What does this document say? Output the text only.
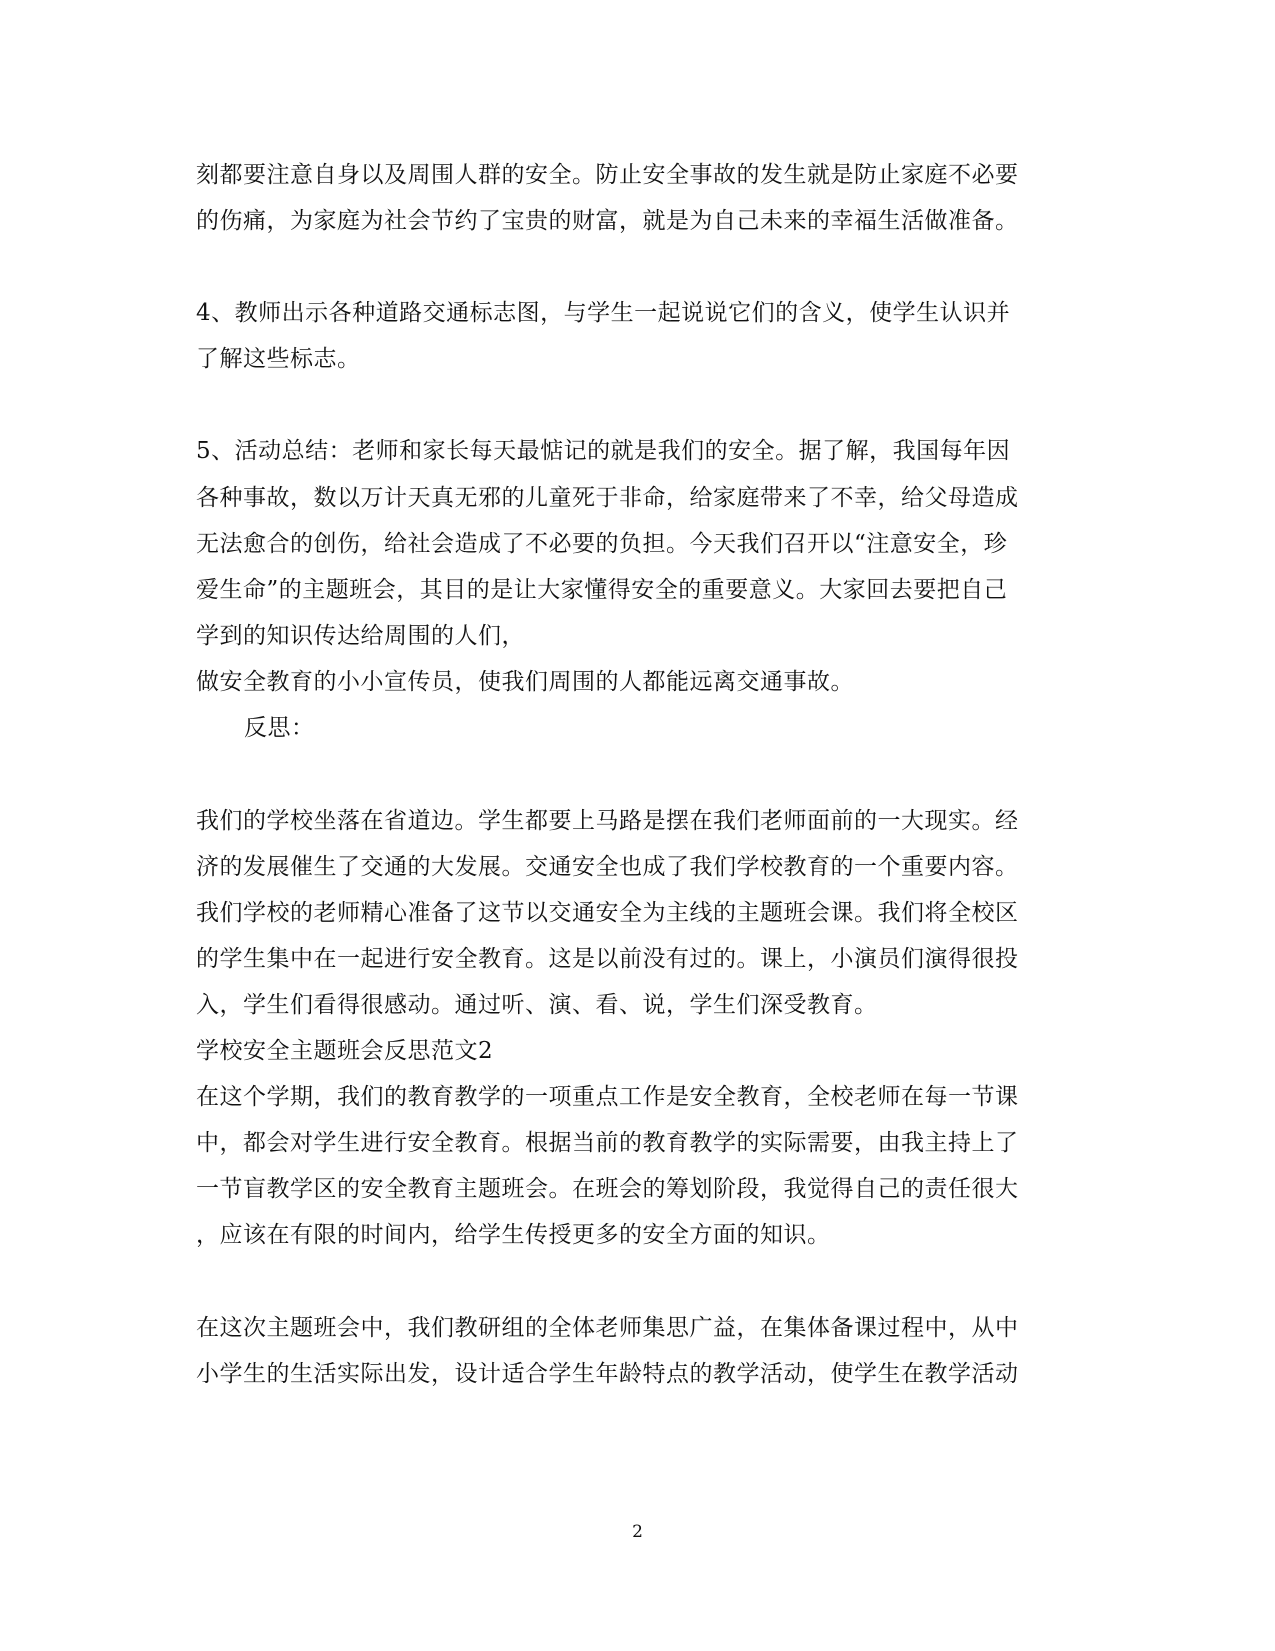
刻都要注意自身以及周围人群的安全。防止安全事故的发生就是防止家庭不必要
的伤痛，为家庭为社会节约了宝贵的财富，就是为自己未来的幸福生活做准备。
4、教师出示各种道路交通标志图，与学生一起说说它们的含义，使学生认识并
了解这些标志。
5、活动总结：老师和家长每天最惦记的就是我们的安全。据了解，我国每年因
各种事故，数以万计天真无邪的儿童死于非命，给家庭带来了不幸，给父母造成
无法愈合的创伤，给社会造成了不必要的负担。今天我们召开以“注意安全，珍
爱生命”的主题班会，其目的是让大家懂得安全的重要意义。大家回去要把自己
学到的知识传达给周围的人们，
做安全教育的小小宣传员，使我们周围的人都能远离交通事故。
反思：
我们的学校坐落在省道边。学生都要上马路是摆在我们老师面前的一大现实。经
济的发展催生了交通的大发展。交通安全也成了我们学校教育的一个重要内容。
我们学校的老师精心准备了这节以交通安全为主线的主题班会课。我们将全校区
的学生集中在一起进行安全教育。这是以前没有过的。课上，小演员们演得很投
入，学生们看得很感动。通过听、演、看、说，学生们深受教育。
学校安全主题班会反思范文2
在这个学期，我们的教育教学的一项重点工作是安全教育，全校老师在每一节课
中，都会对学生进行安全教育。根据当前的教育教学的实际需要，由我主持上了
一节盲教学区的安全教育主题班会。在班会的筹划阶段，我觉得自己的责任很大
，应该在有限的时间内，给学生传授更多的安全方面的知识。
在这次主题班会中，我们教研组的全体老师集思广益，在集体备课过程中，从中
小学生的生活实际出发，设计适合学生年龄特点的教学活动，使学生在教学活动
2
